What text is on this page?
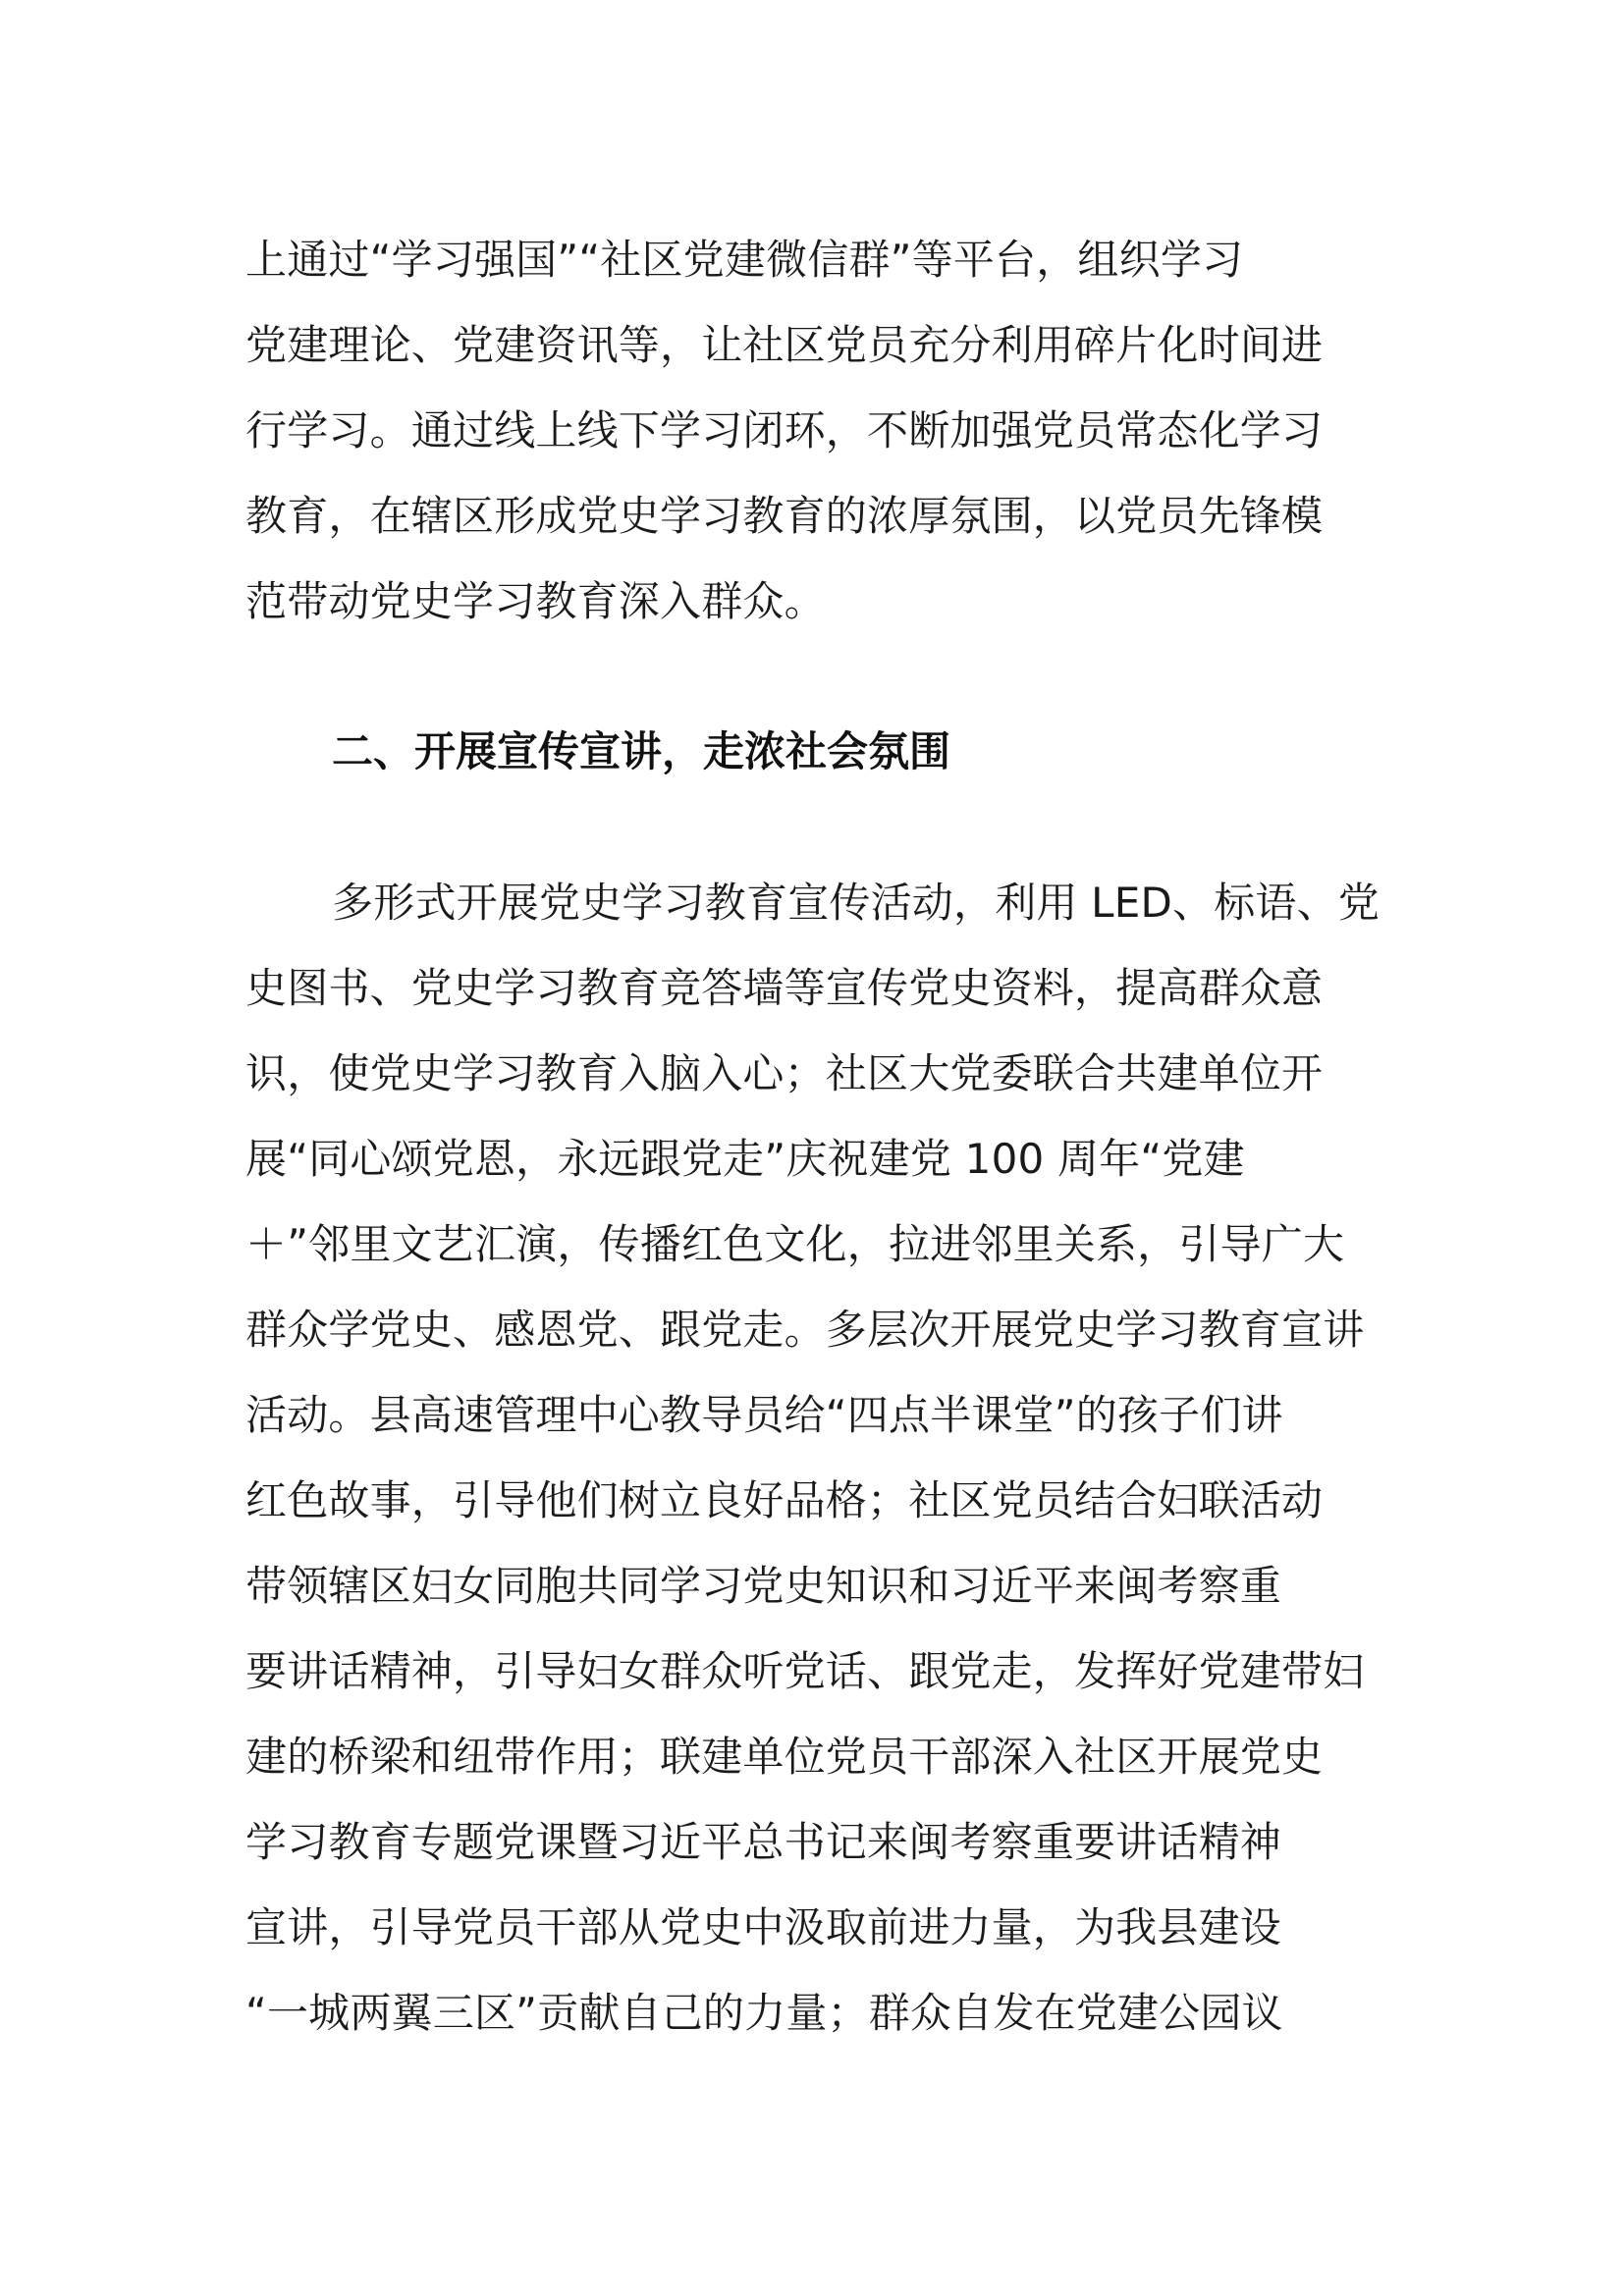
上通过“学习强国”“社区党建微信群”等平台，组织学习
党建理论、党建资讯等，让社区党员充分利用碎片化时间进
行学习。通过线上线下学习闭环，不断加强党员常态化学习
教育，在辖区形成党史学习教育的浓厚氛围，以党员先锋模
范带动党史学习教育深入群众。
二、开展宣传宣讲，走浓社会氛围
多形式开展党史学习教育宣传活动，利用 LED、标语、党
史图书、党史学习教育竞答墙等宣传党史资料，提高群众意
识，使党史学习教育入脑入心；社区大党委联合共建单位开
展“同心颂党恩，永远跟党走”庆祝建党 100 周年“党建
＋”邻里文艺汇演，传播红色文化，拉进邻里关系，引导广大
群众学党史、感恩党、跟党走。多层次开展党史学习教育宣讲
活动。县高速管理中心教导员给“四点半课堂”的孩子们讲
红色故事，引导他们树立良好品格；社区党员结合妇联活动
带领辖区妇女同胞共同学习党史知识和习近平来闽考察重
要讲话精神，引导妇女群众听党话、跟党走，发挥好党建带妇
建的桥梁和纽带作用；联建单位党员干部深入社区开展党史
学习教育专题党课暨习近平总书记来闽考察重要讲话精神
宣讲，引导党员干部从党史中汲取前进力量，为我县建设
“一城两翼三区”贡献自己的力量；群众自发在党建公园议
